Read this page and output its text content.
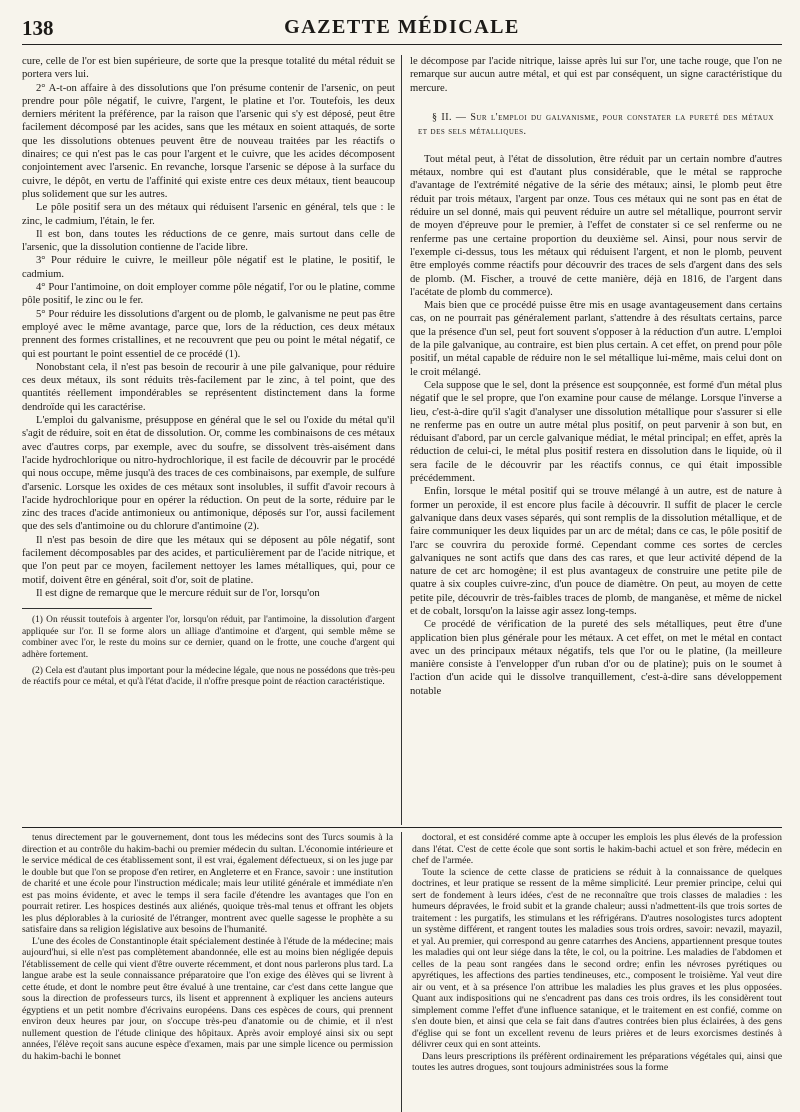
138	GAZETTE MÉDICALE

cure, celle de l'or est bien supérieure, de sorte que la presque totalité du métal réduit se portera vers lui.

2° A-t-on affaire à des dissolutions que l'on présume contenir de l'arsenic, on peut prendre pour pôle négatif, le cuivre, l'argent, le platine et l'or. Toutefois, les deux derniers méritent la préférence, par la raison que l'arsenic qui s'y est déposé, peut être facilement décomposé par les acides, sans que les métaux en soient attaqués, de sorte que les dissolutions obtenues peuvent être de nouveau traitées par les réactifs o dinaires; ce qui n'est pas le cas pour l'argent et le cuivre, que les acides décomposent conjointement avec l'arsenic. En revanche, lorsque l'arsenic se dépose à la surface du cuivre, le dépôt, en vertu de l'affinité qui existe entre ces deux métaux, tient beaucoup plus solidement que sur les autres.

Le pôle positif sera un des métaux qui réduisent l'arsenic en général, tels que : le zinc, le cadmium, l'étain, le fer.

Il est bon, dans toutes les réductions de ce genre, mais surtout dans celle de l'arsenic, que la dissolution contienne de l'acide libre.

3° Pour réduire le cuivre, le meilleur pôle négatif est le platine, le positif, le cadmium.

4° Pour l'antimoine, on doit employer comme pôle négatif, l'or ou le platine, comme pôle positif, le zinc ou le fer.

5° Pour réduire les dissolutions d'argent ou de plomb, le galvanisme ne peut pas être employé avec le même avantage, parce que, lors de la réduction, ces deux métaux prennent des formes cristallines, et ne recouvrent que peu ou point le métal négatif, ce qui est pourtant le point essentiel de ce procédé (1).

Nonobstant cela, il n'est pas besoin de recourir à une pile galvanique, pour réduire ces deux métaux, ils sont réduits très-facilement par le zinc, à tel point, que des quantités réellement impondérables se représentent distinctement dans la forme dendroïde qui les caractérise.

L'emploi du galvanisme, présuppose en général que le sel ou l'oxide du métal qu'il s'agit de réduire, soit en état de dissolution. Or, comme les combinaisons de ces métaux avec d'autres corps, par exemple, avec du soufre, se dissolvent très-aisément dans l'acide hydrochlorique ou nitro-hydrochlorique, il est facile de découvrir par le procédé qui nous occupe, même jusqu'à des traces de ces combinaisons, par exemple, de sulfure d'arsenic. Lorsque les oxides de ces métaux sont insolubles, il suffit d'avoir recours à l'acide hydrochlorique pour en opérer la réduction. On peut de la sorte, réduire par le zinc des traces d'acide antimonieux ou antimonique, déposés sur l'or, aussi facilement que des sels d'antimoine ou du chlorure d'antimoine (2).

Il n'est pas besoin de dire que les métaux qui se déposent au pôle négatif, sont facilement décomposables par des acides, et particulièrement par de l'acide nitrique, et que l'on peut par ce moyen, facilement nettoyer les lames métalliques, qui, pour ce motif, doivent être en général, soit d'or, soit de platine.

Il est digne de remarque que le mercure réduit sur de l'or, lorsqu'on

(1) On réussit toutefois à argenter l'or, lorsqu'on réduit, par l'antimoine, la dissolution d'argent appliquée sur l'or. Il se forme alors un alliage d'antimoine et d'argent, qui semble même se combiner avec l'or, le reste du moins sur ce dernier, quand on le frotte, une couche d'argent qui adhère fortement.

(2) Cela est d'autant plus important pour la médecine légale, que nous ne possédons que très-peu de réactifs pour ce métal, et qu'à l'état d'acide, il n'offre presque point de réaction caractéristique.

le décompose par l'acide nitrique, laisse après lui sur l'or, une tache rouge, que l'on ne remarque sur aucun autre métal, et qui est par conséquent, un signe caractéristique du mercure.

§ II. — Sur l'emploi du galvanisme, pour constater la pureté des métaux et des sels métalliques.

Tout métal peut, à l'état de dissolution, être réduit par un certain nombre d'autres métaux, nombre qui est d'autant plus considérable, que le métal se rapproche d'avantage de l'extrémité négative de la série des métaux; ainsi, le plomb peut être réduit par trois métaux, l'argent par onze. Tous ces métaux qui ne sont pas en état de réduire un sel donné, mais qui peuvent réduire un autre sel métallique, pourront servir de moyen d'épreuve pour le premier, à l'effet de constater si ce sel renferme ou ne renferme pas une certaine proportion du deuxième sel. Ainsi, pour nous servir de l'exemple ci-dessus, tous les métaux qui réduisent l'argent, et non le plomb, peuvent être employés comme réactifs pour découvrir des traces de sels d'argent dans des sels de plomb. (M. Fischer, a trouvé de cette manière, déjà en 1816, de l'argent dans l'acétate de plomb du commerce).

Mais bien que ce procédé puisse être mis en usage avantageusement dans certains cas, on ne pourrait pas généralement parlant, s'attendre à des résultats certains, parce que la présence d'un sel, peut fort souvent s'opposer à la réduction d'un autre. L'emploi de la pile galvanique, au contraire, est bien plus certain. A cet effet, on prend pour pôle positif, un métal capable de réduire non le sel métallique lui-même, mais celui dont on le croit mélangé.

Cela suppose que le sel, dont la présence est soupçonnée, est formé d'un métal plus négatif que le sel propre, que l'on examine pour cause de mélange. Lorsque l'inverse a lieu, c'est-à-dire qu'il s'agit d'analyser une dissolution métallique pour s'assurer si elle ne renferme pas en outre un autre métal plus positif, on peut parvenir à son but, en réduisant d'abord, par un cercle galvanique médiat, le métal principal; en effet, après la réduction de celui-ci, le métal plus positif restera en dissolution dans le liquide, où il sera facile de le découvrir par les réactifs connus, ce qui était impossible précédemment.

Enfin, lorsque le métal positif qui se trouve mélangé à un autre, est de nature à former un peroxide, il est encore plus facile à découvrir. Il suffit de placer le cercle galvanique dans deux vases séparés, qui sont remplis de la dissolution métallique, et de faire communiquer les deux liquides par un arc de métal; dans ce cas, le pôle positif de l'arc se couvrira du peroxide formé. Cependant comme ces sortes de cercles galvaniques ne sont actifs que dans des cas rares, et que leur activité dépend de la nature de cet arc homogène; il est plus avantageux de construire une petite pile de quatre à six couples cuivre-zinc, d'un pouce de diamètre. On peut, au moyen de cette petite pile, découvrir de très-faibles traces de plomb, de manganèse, et même de nickel et de cobalt, lorsqu'on la laisse agir assez long-temps.

Ce procédé de vérification de la pureté des sels métalliques, peut être d'une application bien plus générale pour les métaux. A cet effet, on met le métal en contact avec un des principaux métaux négatifs, tels que l'or ou le platine, (la meilleure manière consiste à l'envelopper d'un ruban d'or ou de platine); puis on le soumet à l'action d'un acide qui le dissolve tranquillement, c'est-à-dire sans développement notable

tenus directement par le gouvernement, dont tous les médecins sont des Turcs soumis à la direction et au contrôle du hakim-bachi ou premier médecin du sultan. L'économie intérieure et le service médical de ces établissement sont, il est vrai, également défectueux, si on les juge par le double but que l'on se propose d'en retirer, en Angleterre et en France, savoir : une institution de charité et une école pour l'instruction médicale; mais leur utilité générale et immédiate n'en est pas moins évidente, et avec le temps il sera facile d'étendre les avantages que l'on en pourrait retirer. Les hospices destinés aux aliénés, quoique très-mal tenus et offrant les objets les plus déplorables à la curiosité de l'étranger, montrent avec quelle sagesse le prophète a su satisfaire dans sa religion législative aux besoins de l'humanité.

L'une des écoles de Constantinople était spécialement destinée à l'étude de la médecine; mais aujourd'hui, si elle n'est pas complètement abandonnée, elle est au moins bien négligée depuis l'établissement de celle qui vient d'être ouverte récemment, et dont nous parlerons plus tard. La langue arabe est la seule connaissance préparatoire que l'on exige des élèves qui se livrent à cette étude, et dont le nombre peut être évalué à une trentaine, car c'est dans cette langue que sous la direction de professeurs turcs, ils lisent et apprennent à expliquer les anciens auteurs égyptiens et un petit nombre d'écrivains européens. Dans ces espèces de cours, qui prennent environ deux heures par jour, on s'occupe très-peu d'anatomie ou de chimie, et il n'est nullement question de l'étude clinique des hôpitaux. Après avoir employé ainsi six ou sept années, l'élève reçoit sans aucune espèce d'examen, mais par une simple licence ou permission du hakim-bachi le bonnet

doctoral, et est considéré comme apte à occuper les emplois les plus élevés de la profession dans l'état. C'est de cette école que sont sortis le hakim-bachi actuel et son frère, médecin en chef de l'armée.

Toute la science de cette classe de praticiens se réduit à la connaissance de quelques doctrines, et leur pratique se ressent de la même simplicité. Leur premier principe, celui qui sert de fondement à leurs idées, c'est de ne reconnaître que trois classes de maladies : les humeurs dépravées, le froid subit et la grande chaleur; aussi n'admettent-ils que trois sortes de traitement : les purgatifs, les stimulans et les réfrigérans. D'autres nosologistes turcs adoptent un système différent, et rangent toutes les maladies sous trois ordres, savoir: nevazil, mayazil, et yal. Au premier, qui correspond au genre catarrhes des Anciens, appartiennent presque toutes les maladies qui ont leur siége dans la tête, le col, ou la poitrine. Les maladies de l'abdomen et celles de la peau sont rangées dans le second ordre; enfin les névroses pyrétiques ou apyrétiques, les affections des parties tendineuses, etc., composent le troisième. Yal veut dire air ou vent, et à sa présence l'on attribue les maladies les plus graves et les plus opposées. Quant aux indispositions qui ne s'encadrent pas dans ces trois ordres, ils les considèrent tout simplement comme l'effet d'une influence satanique, et le traitement en est confié, comme on s'en doute bien, et ainsi que cela se fait dans d'autres contrées bien plus éclairées, à des gens d'église qui se font un excellent revenu de leurs prières et de leurs exorcismes destinés à délivrer ceux qui en sont atteints.

Dans leurs prescriptions ils préfèrent ordinairement les préparations végétales qui, ainsi que toutes les autres drogues, sont toujours administrées sous la forme
